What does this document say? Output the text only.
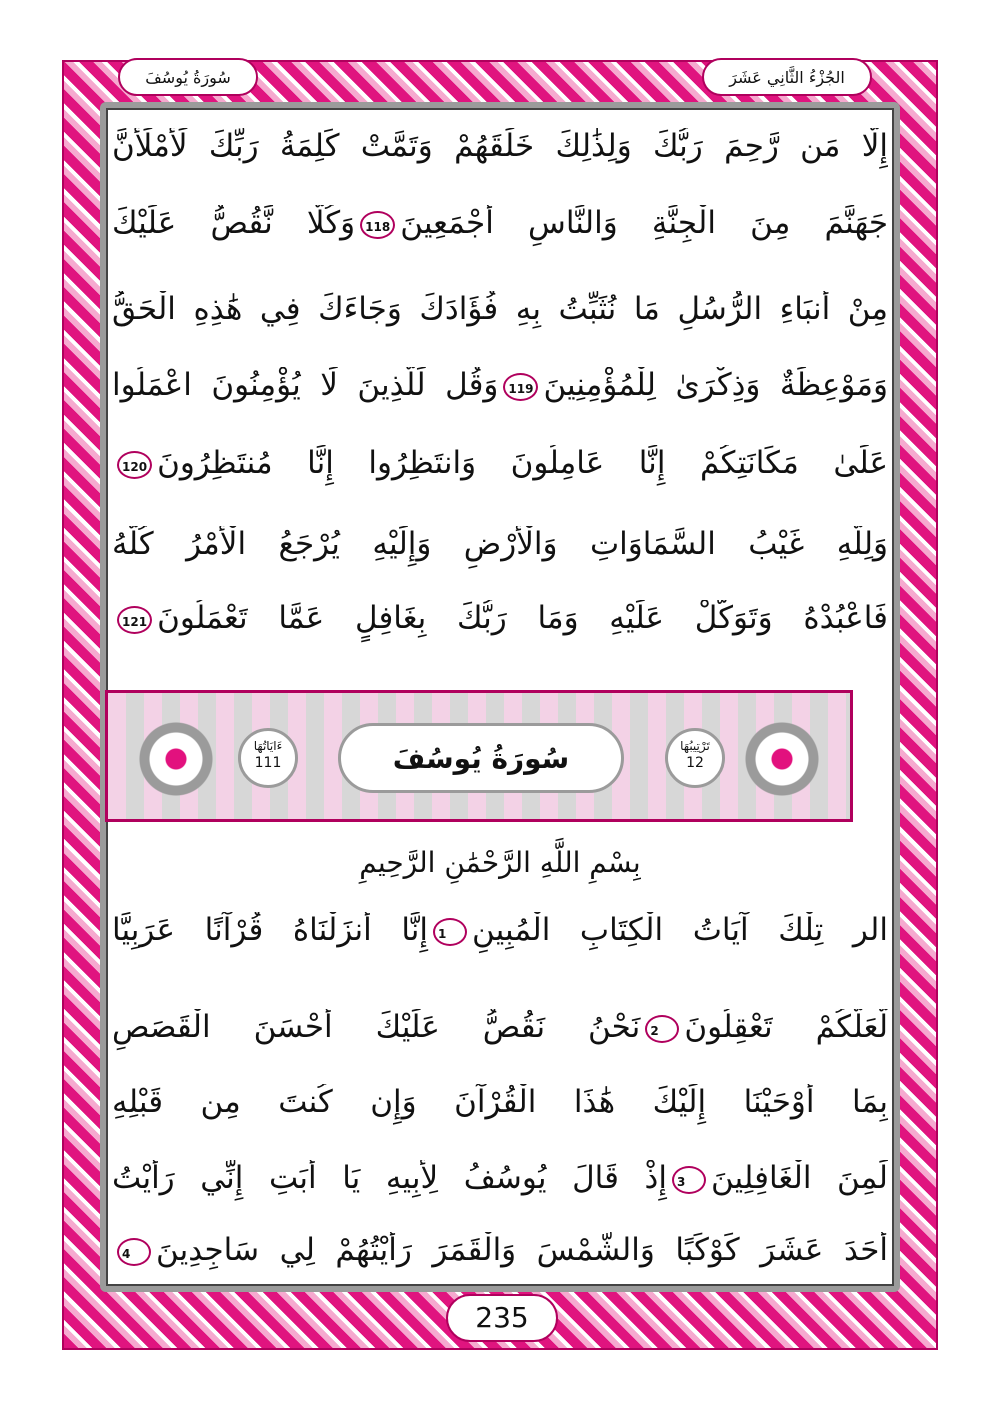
الجُزْءُ الثَّانِي عَشَرَ
سُورَةُ يُوسُفَ
إِلَّا مَن رَّحِمَ رَبُّكَ وَلِذَٰلِكَ خَلَقَهُمْ وَتَمَّتْ كَلِمَةُ رَبِّكَ لَأَمْلَأَنَّ
جَهَنَّمَ مِنَ الْجِنَّةِ وَالنَّاسِ أَجْمَعِينَ118وَكُلًّا نَّقُصُّ عَلَيْكَ
مِنْ أَنبَاءِ الرُّسُلِ مَا نُثَبِّتُ بِهِ فُؤَادَكَ وَجَاءَكَ فِي هَٰذِهِ الْحَقُّ
وَمَوْعِظَةٌ وَذِكْرَىٰ لِلْمُؤْمِنِينَ119وَقُل لِّلَّذِينَ لَا يُؤْمِنُونَ اعْمَلُوا
عَلَىٰ مَكَانَتِكُمْ إِنَّا عَامِلُونَ وَانتَظِرُوا إِنَّا مُنتَظِرُونَ120
وَلِلَّهِ غَيْبُ السَّمَاوَاتِ وَالْأَرْضِ وَإِلَيْهِ يُرْجَعُ الْأَمْرُ كُلُّهُ
فَاعْبُدْهُ وَتَوَكَّلْ عَلَيْهِ وَمَا رَبُّكَ بِغَافِلٍ عَمَّا تَعْمَلُونَ121
ءَايَاتُهَا
111	سُورَةُ يُوسُفَ	تَرْتِيبُهَا
12
بِسْمِ اللَّهِ الرَّحْمَٰنِ الرَّحِيمِ
الر تِلْكَ آيَاتُ الْكِتَابِ الْمُبِينِ1إِنَّا أَنزَلْنَاهُ قُرْآنًا عَرَبِيًّا
لَّعَلَّكُمْ تَعْقِلُونَ2نَحْنُ نَقُصُّ عَلَيْكَ أَحْسَنَ الْقَصَصِ
بِمَا أَوْحَيْنَا إِلَيْكَ هَٰذَا الْقُرْآنَ وَإِن كُنتَ مِن قَبْلِهِ
لَمِنَ الْغَافِلِينَ3إِذْ قَالَ يُوسُفُ لِأَبِيهِ يَا أَبَتِ إِنِّي رَأَيْتُ
أَحَدَ عَشَرَ كَوْكَبًا وَالشَّمْسَ وَالْقَمَرَ رَأَيْتُهُمْ لِي سَاجِدِينَ4
235
